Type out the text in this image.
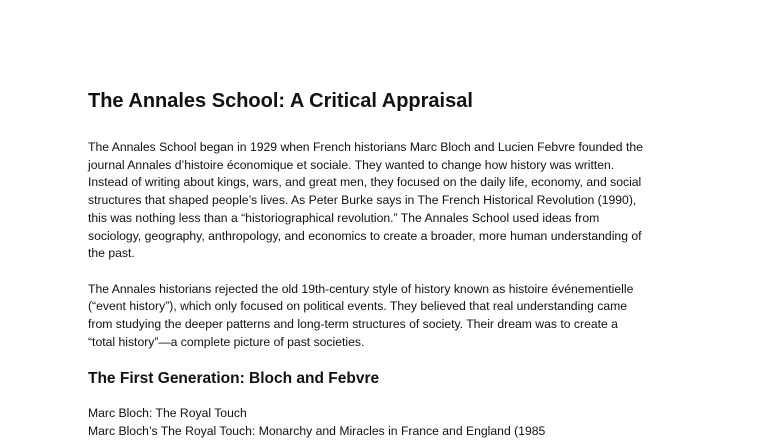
The Annales School: A Critical Appraisal

The Annales School began in 1929 when French historians Marc Bloch and Lucien Febvre founded the journal Annales d’histoire économique et sociale. They wanted to change how history was written. Instead of writing about kings, wars, and great men, they focused on the daily life, economy, and social structures that shaped people’s lives. As Peter Burke says in The French Historical Revolution (1990), this was nothing less than a “historiographical revolution.” The Annales School used ideas from sociology, geography, anthropology, and economics to create a broader, more human understanding of the past.

The Annales historians rejected the old 19th-century style of history known as histoire événementielle (“event history”), which only focused on political events. They believed that real understanding came from studying the deeper patterns and long-term structures of society. Their dream was to create a “total history”—a complete picture of past societies.

The First Generation: Bloch and Febvre

Marc Bloch: The Royal Touch

Marc Bloch’s The Royal Touch: Monarchy and Miracles in France and England (1985
